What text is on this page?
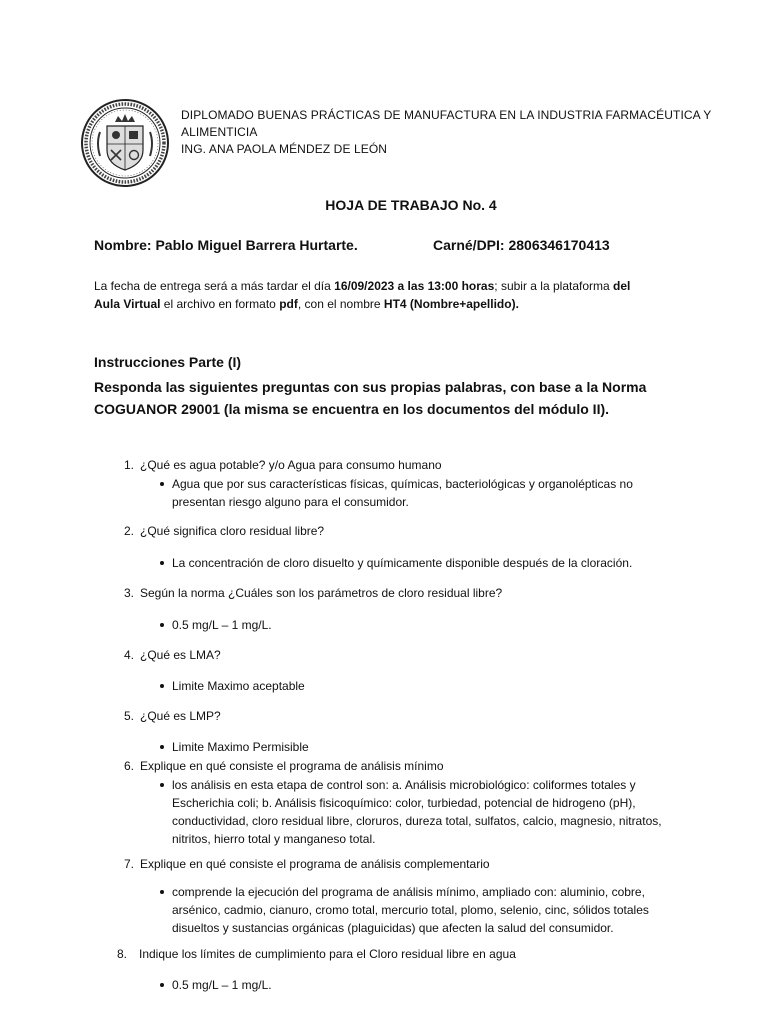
DIPLOMADO BUENAS PRÁCTICAS DE MANUFACTURA EN LA INDUSTRIA FARMACÉUTICA Y
ALIMENTICIA
ING. ANA PAOLA MÉNDEZ DE LEÓN
HOJA DE TRABAJO No. 4
Nombre: Pablo Miguel Barrera Hurtarte.	Carné/DPI: 2806346170413
La fecha de entrega será a más tardar el día 16/09/2023 a las 13:00 horas; subir a la plataforma del
Aula Virtual el archivo en formato pdf, con el nombre HT4 (Nombre+apellido).
Instrucciones Parte (I)
Responda las siguientes preguntas con sus propias palabras, con base a la Norma
COGUANOR 29001 (la misma se encuentra en los documentos del módulo II).
1. ¿Qué es agua potable? y/o Agua para consumo humano
Agua que por sus características físicas, químicas, bacteriológicas y organolépticas no
presentan riesgo alguno para el consumidor.
2. ¿Qué significa cloro residual libre?
La concentración de cloro disuelto y químicamente disponible después de la cloración.
3. Según la norma ¿Cuáles son los parámetros de cloro residual libre?
0.5 mg/L – 1 mg/L.
4. ¿Qué es LMA?
Limite Maximo aceptable
5. ¿Qué es LMP?
Limite Maximo Permisible
6. Explique en qué consiste el programa de análisis mínimo
los análisis en esta etapa de control son: a. Análisis microbiológico: coliformes totales y
Escherichia coli; b. Análisis fisicoquímico: color, turbiedad, potencial de hidrogeno (pH),
conductividad, cloro residual libre, cloruros, dureza total, sulfatos, calcio, magnesio, nitratos,
nitritos, hierro total y manganeso total.
7. Explique en qué consiste el programa de análisis complementario
comprende la ejecución del programa de análisis mínimo, ampliado con: aluminio, cobre,
arsénico, cadmio, cianuro, cromo total, mercurio total, plomo, selenio, cinc, sólidos totales
disueltos y sustancias orgánicas (plaguicidas) que afecten la salud del consumidor.
8. Indique los límites de cumplimiento para el Cloro residual libre en agua
0.5 mg/L – 1 mg/L.
